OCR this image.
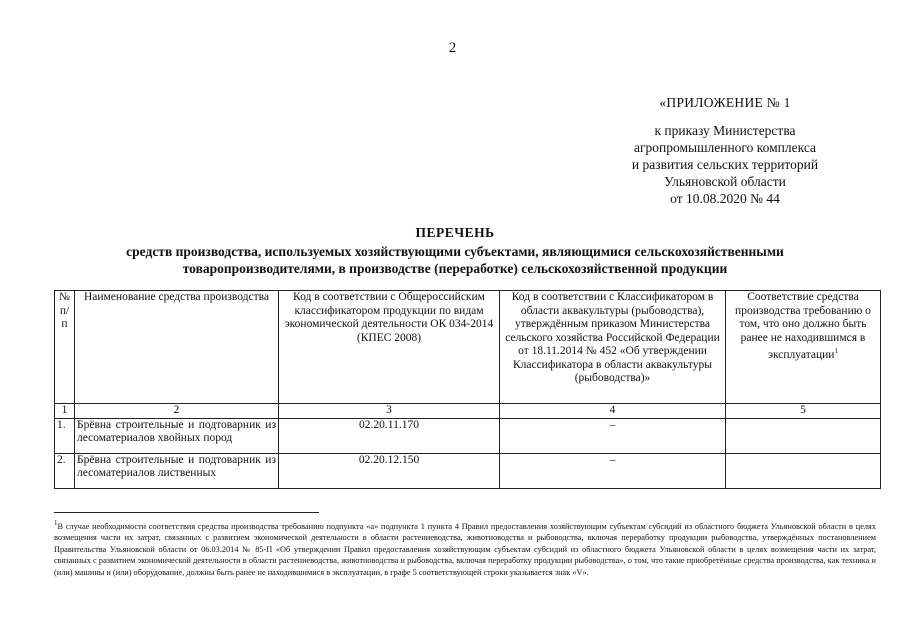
2
«ПРИЛОЖЕНИЕ № 1
к приказу Министерства
агропромышленного комплекса
и развития сельских территорий
Ульяновской области
от 10.08.2020 № 44
ПЕРЕЧЕНЬ
средств производства, используемых хозяйствующими субъектами, являющимися сельскохозяйственными
товаропроизводителями, в производстве (переработке) сельскохозяйственной продукции
№ п/п	Наименование средства производства	Код в соответствии с Общероссийским классификатором продукции по видам экономической деятельности ОК 034-2014 (КПЕС 2008)	Код в соответствии с Классификатором в области аквакультуры (рыбоводства), утверждённым приказом Министерства сельского хозяйства Российской Федерации от 18.11.2014 № 452 «Об утверждении Классификатора в области аквакультуры (рыбоводства)»	Соответствие средства производства требованию о том, что оно должно быть ранее не находившимся в эксплуатации$^1$
1	2	3	4	5
1.	Брёвна строительные и подтоварник из лесоматериалов хвойных пород	02.20.11.170	–	
2.	Брёвна строительные и подтоварник из лесоматериалов лиственных	02.20.12.150	–	
$^1$В случае необходимости соответствия средства производства требованию подпункта «а» подпункта 1 пункта 4 Правил предоставления хозяйствующим субъектам субсидий из областного бюджета Ульяновской области в целях возмещения части их затрат, связанных с развитием экономической деятельности в области растениеводства, животноводства и рыбоводства, включая переработку продукции рыбоводства, утверждённых постановлением Правительства Ульяновской области от 06.03.2014 № 85-П «Об утверждении Правил предоставления хозяйствующим субъектам субсидий из областного бюджета Ульяновской области в целях возмещения части их затрат, связанных с развитием экономической деятельности в области растениеводства, животноводства и рыбоводства, включая переработку продукции рыбоводства», о том, что такие приобретённые средства производства, как техника и (или) машины и (или) оборудование, должны быть ранее не находившимися в эксплуатации, в графе 5 соответствующей строки указывается знак «V».
